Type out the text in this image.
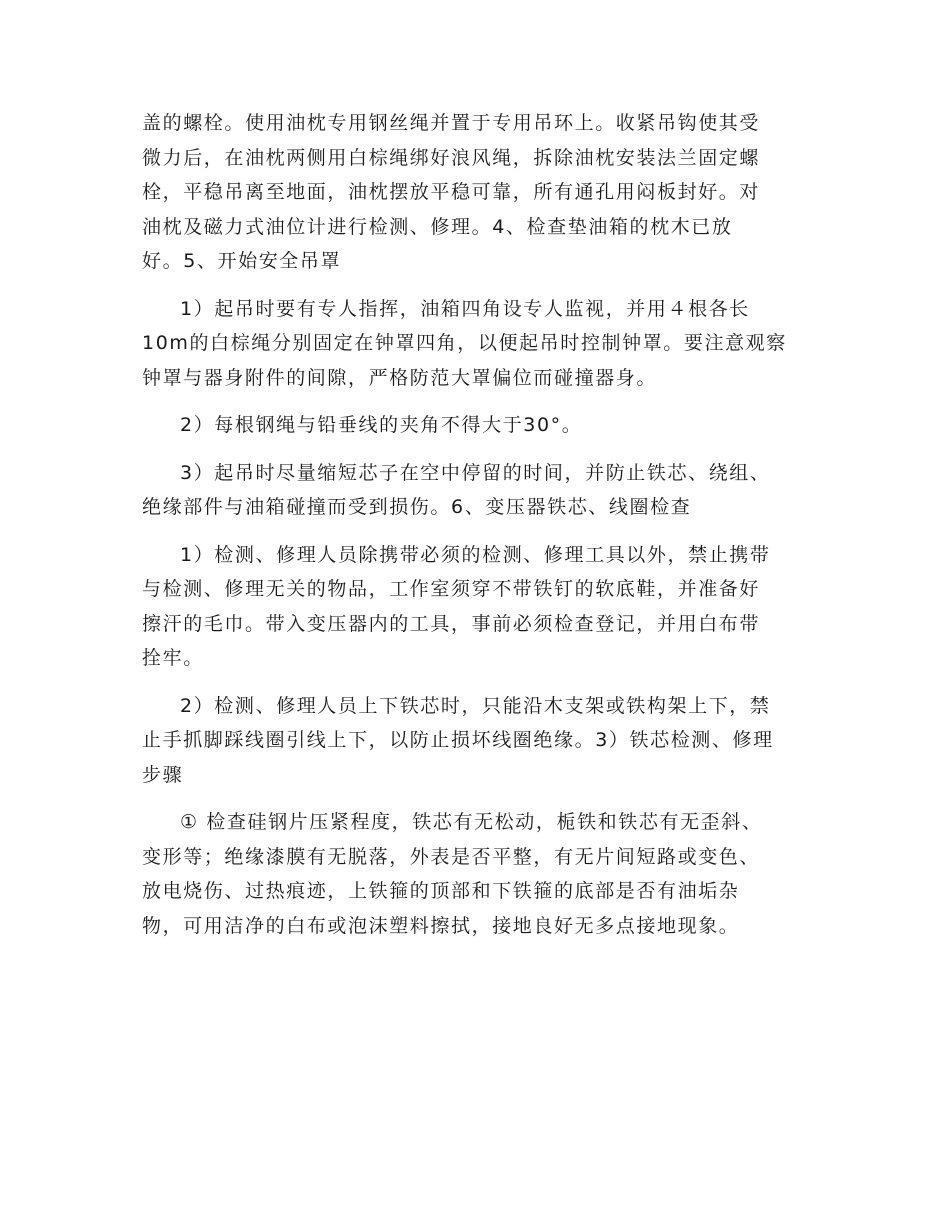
盖的螺栓。使用油枕专用钢丝绳并置于专用吊环上。收紧吊钩使其受
微力后，在油枕两侧用白棕绳绑好浪风绳，拆除油枕安装法兰固定螺
栓，平稳吊离至地面，油枕摆放平稳可靠，所有通孔用闷板封好。对
油枕及磁力式油位计进行检测、修理。4、检查垫油箱的枕木已放
好。5、开始安全吊罩

1）起吊时要有专人指挥，油箱四角设专人监视，并用４根各长
10m的白棕绳分别固定在钟罩四角，以便起吊时控制钟罩。要注意观察
钟罩与器身附件的间隙，严格防范大罩偏位而碰撞器身。

2）每根钢绳与铅垂线的夹角不得大于30°。

3）起吊时尽量缩短芯子在空中停留的时间，并防止铁芯、绕组、
绝缘部件与油箱碰撞而受到损伤。6、变压器铁芯、线圈检查

1）检测、修理人员除携带必须的检测、修理工具以外，禁止携带
与检测、修理无关的物品，工作室须穿不带铁钉的软底鞋，并准备好
擦汗的毛巾。带入变压器内的工具，事前必须检查登记，并用白布带
拴牢。

2）检测、修理人员上下铁芯时，只能沿木支架或铁构架上下，禁
止手抓脚踩线圈引线上下，以防止损坏线圈绝缘。3）铁芯检测、修理
步骤

① 检查硅钢片压紧程度，铁芯有无松动，栀铁和铁芯有无歪斜、
变形等；绝缘漆膜有无脱落，外表是否平整，有无片间短路或变色、
放电烧伤、过热痕迹，上铁箍的顶部和下铁箍的底部是否有油垢杂
物，可用洁净的白布或泡沫塑料擦拭，接地良好无多点接地现象。
